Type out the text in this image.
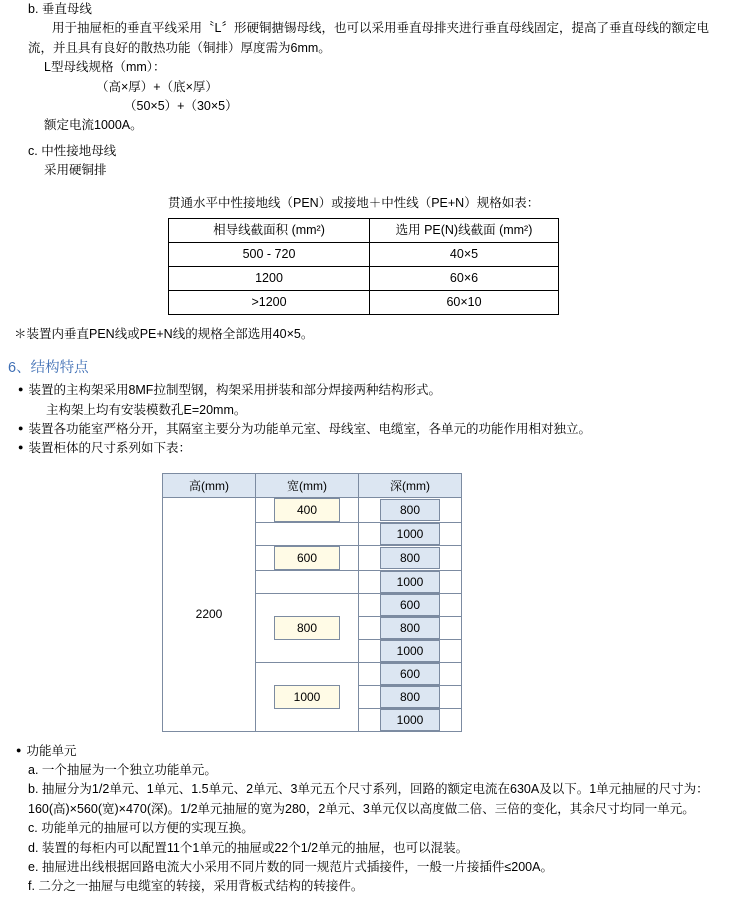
b. 垂直母线
用于抽屉柜的垂直平线采用〝L〞形硬铜搪锡母线，也可以采用垂直母排夹进行垂直母线固定，提高了垂直母线的额定电流，并且具有良好的散热功能（铜排）厚度需为6mm。
L型母线规格（mm）：
（高×厚）+（底×厚）
（50×5）+（30×5）
额定电流1000A。
c. 中性接地母线
采用硬铜排
贯通水平中性接地线（PEN）或接地＋中性线（PE+N）规格如表：
相导线截面积 (mm²)	选用 PE(N)线截面 (mm²)
500 - 720	40×5
1200	60×6
>1200	60×10
＊装置内垂直PEN线或PE+N线的规格全部选用40×5。
6、结构特点
● 装置的主构架采用8MF拉制型钢，构架采用拼装和部分焊接两种结构形式。
主构架上均有安装模数孔E=20mm。
● 装置各功能室严格分开，其隔室主要分为功能单元室、母线室、电缆室，各单元的功能作用相对独立。
● 装置柜体的尺寸系列如下表：
高(mm)	宽(mm)	深(mm)
2200	400	800

		1000

	600	800

		1000

	800	600

		800

		1000

	1000	600

		800

		1000
● 功能单元
a. 一个抽屉为一个独立功能单元。
b. 抽屉分为1/2单元、1单元、1.5单元、2单元、3单元五个尺寸系列，回路的额定电流在630A及以下。1单元抽屉的尺寸为：160(高)×560(宽)×470(深)。1/2单元抽屉的宽为280，2单元、3单元仅以高度做二倍、三倍的变化，其余尺寸均同一单元。
c. 功能单元的抽屉可以方便的实现互换。
d. 装置的每柜内可以配置11个1单元的抽屉或22个1/2单元的抽屉，也可以混装。
e. 抽屉进出线根据回路电流大小采用不同片数的同一规范片式插接件，一般一片接插件≤200A。
f. 二分之一抽屉与电缆室的转接，采用背板式结构的转接件。
